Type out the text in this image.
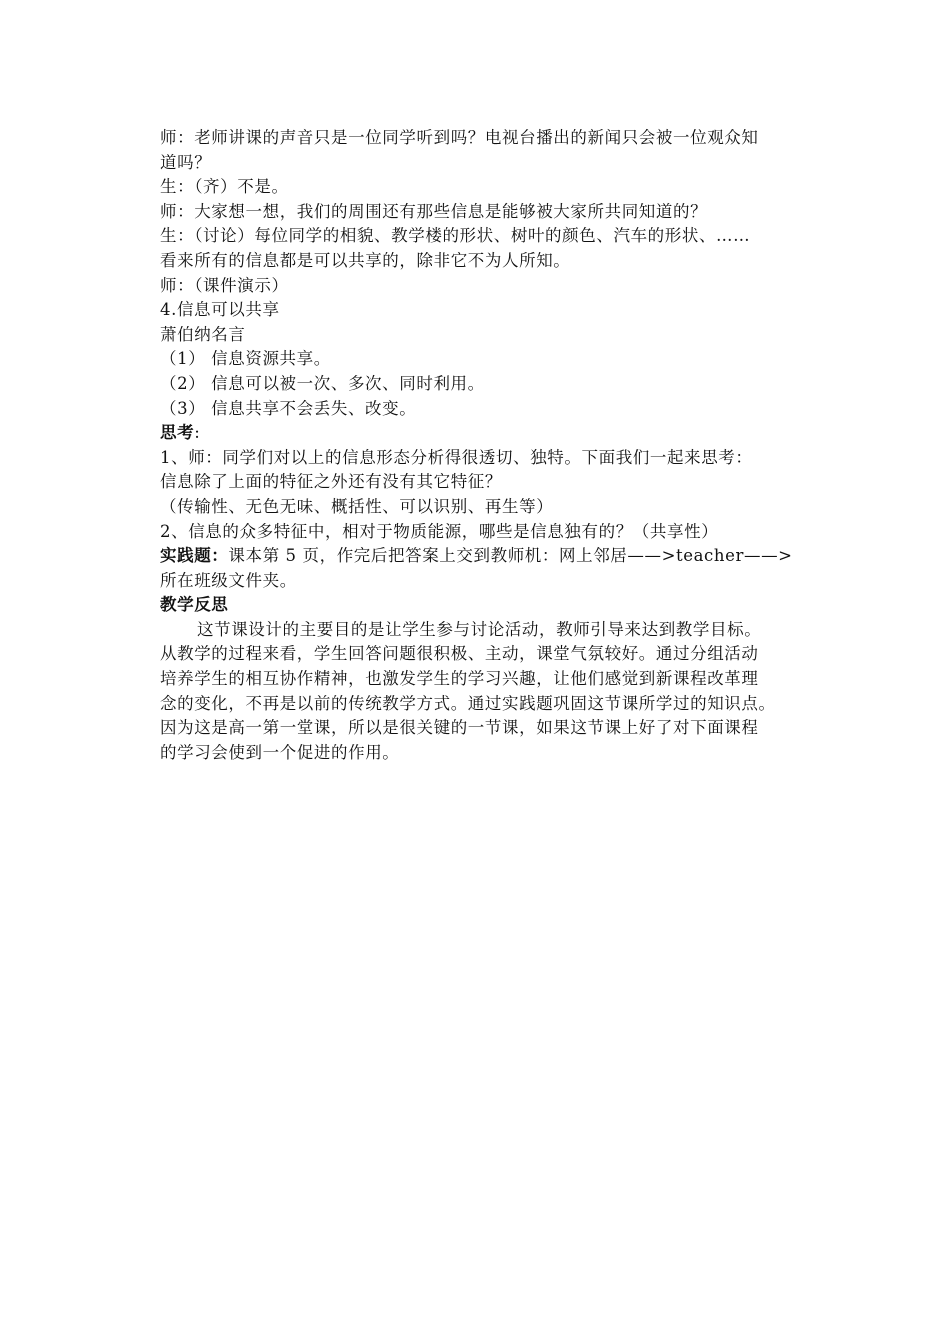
师：老师讲课的声音只是一位同学听到吗？电视台播出的新闻只会被一位观众知
道吗？
生：（齐）不是。
师：大家想一想，我们的周围还有那些信息是能够被大家所共同知道的？
生：（讨论）每位同学的相貌、教学楼的形状、树叶的颜色、汽车的形状、……
看来所有的信息都是可以共享的，除非它不为人所知。
师：（课件演示）
4.信息可以共享
萧伯纳名言
（1） 信息资源共享。
（2） 信息可以被一次、多次、同时利用。
（3） 信息共享不会丢失、改变。
思考:
1、师：同学们对以上的信息形态分析得很透切、独特。下面我们一起来思考：
信息除了上面的特征之外还有没有其它特征？
（传输性、无色无味、概括性、可以识别、再生等）
2、信息的众多特征中，相对于物质能源，哪些是信息独有的？（共享性）
实践题：课本第 5 页，作完后把答案上交到教师机：网上邻居——>teacher——>
所在班级文件夹。
教学反思
这节课设计的主要目的是让学生参与讨论活动，教师引导来达到教学目标。
从教学的过程来看，学生回答问题很积极、主动，课堂气氛较好。通过分组活动
培养学生的相互协作精神，也激发学生的学习兴趣，让他们感觉到新课程改革理
念的变化，不再是以前的传统教学方式。通过实践题巩固这节课所学过的知识点。
因为这是高一第一堂课，所以是很关键的一节课，如果这节课上好了对下面课程
的学习会使到一个促进的作用。
